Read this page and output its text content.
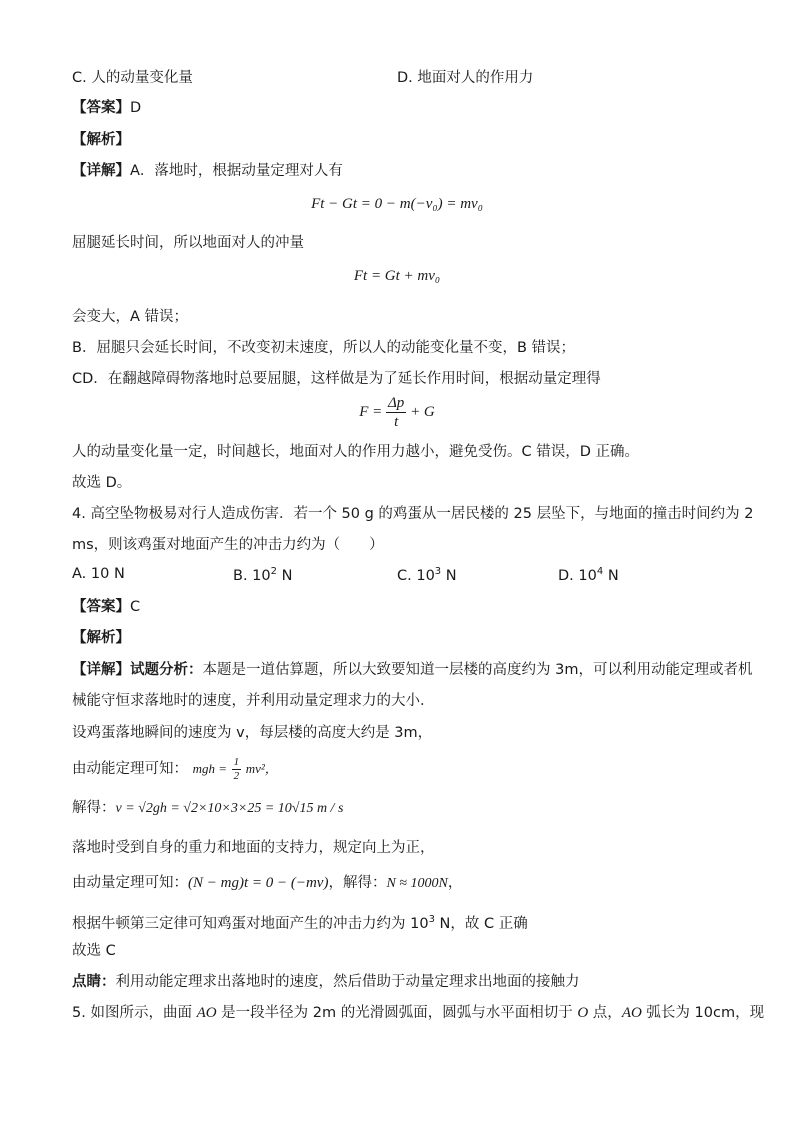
C. 人的动量变化量	D. 地面对人的作用力
【答案】D
【解析】
【详解】A．落地时，根据动量定理对人有
Ft − Gt = 0 − m(−v₀) = mv₀
屈腿延长时间，所以地面对人的冲量
Ft = Gt + mv₀
会变大，A 错误；
B．屈腿只会延长时间，不改变初末速度，所以人的动能变化量不变，B 错误；
CD．在翻越障碍物落地时总要屈腿，这样做是为了延长作用时间，根据动量定理得
$F = \frac{\Delta p}{t} + G$
人的动量变化量一定，时间越长，地面对人的作用力越小，避免受伤。C 错误，D 正确。
故选 D。
4. 高空坠物极易对行人造成伤害．若一个 50 g 的鸡蛋从一居民楼的 25 层坠下，与地面的撞击时间约为 2
ms，则该鸡蛋对地面产生的冲击力约为（　　）
A. 10 N	B. $10^2$ N	C. $10^3$ N	D. $10^4$ N
【答案】C
【解析】
【详解】试题分析：本题是一道估算题，所以大致要知道一层楼的高度约为 3m，可以利用动能定理或者机
械能守恒求落地时的速度，并利用动量定理求力的大小．
设鸡蛋落地瞬间的速度为 v，每层楼的高度大约是 3m，
由动能定理可知： mgh = $\frac{1}{2} mv^2$，
解得：v = √2gh = √2×10×3×25 = 10√15 m / s
落地时受到自身的重力和地面的支持力，规定向上为正，
由动量定理可知：(N − mg)t = 0 − (−mv)，解得：N ≈ 1000N，
根据牛顿第三定律可知鸡蛋对地面产生的冲击力约为 $10^3$ N，故 C 正确
故选 C
点睛：利用动能定理求出落地时的速度，然后借助于动量定理求出地面的接触力
5. 如图所示，曲面 AO 是一段半径为 2m 的光滑圆弧面，圆弧与水平面相切于 O 点，AO 弧长为 10cm，现
